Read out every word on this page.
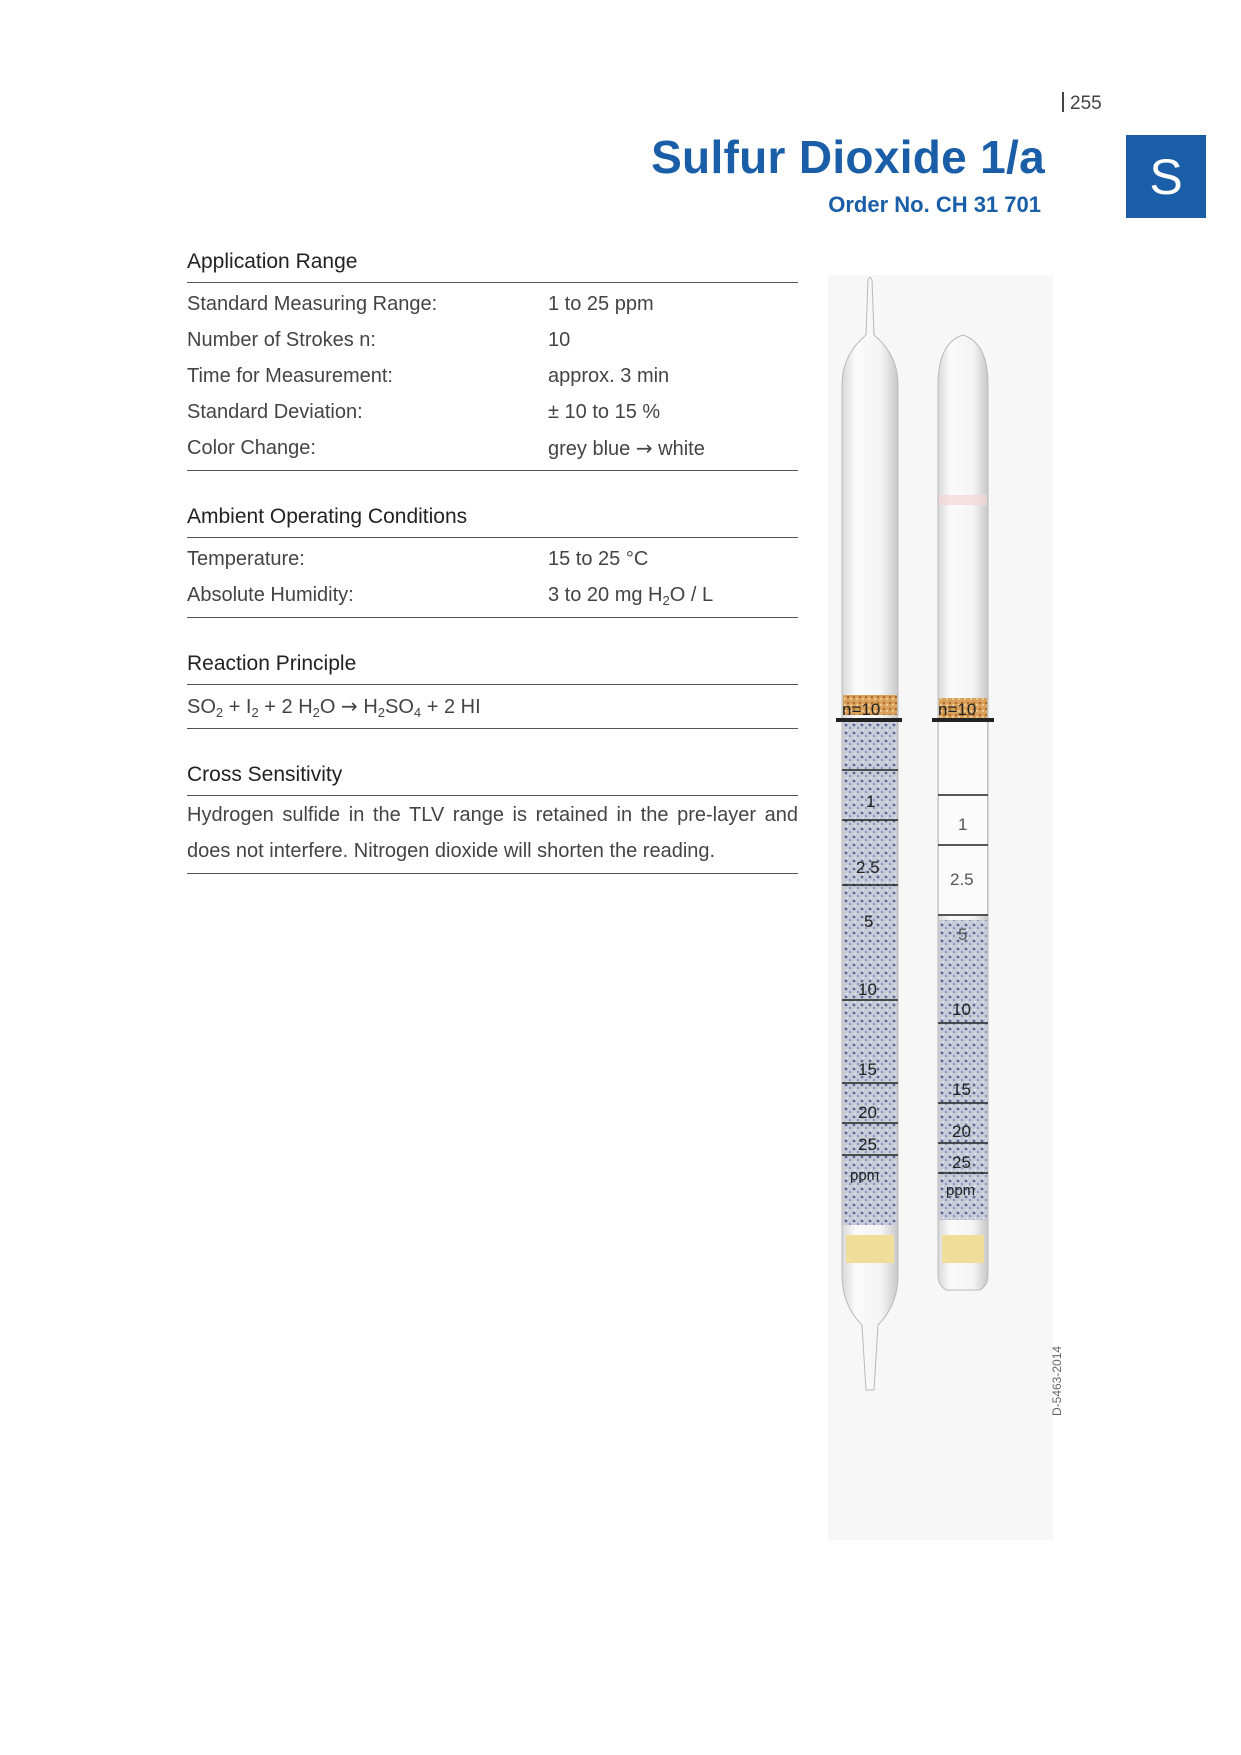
255
Sulfur Dioxide 1/a
Order No. CH 31 701	S
Application Range
Standard Measuring Range:	1 to 25 ppm
Number of Strokes n:	10
Time for Measurement:	approx. 3 min
Standard Deviation:	± 10 to 15 %
Color Change:	grey blue → white
Ambient Operating Conditions
Temperature:	15 to 25 °C
Absolute Humidity:	3 to 20 mg $H_2O$ / L
Reaction Principle
$SO_2 + I_2 + 2$ $H_2O \to H_2SO_4 + 2$ HI
Cross Sensitivity
Hydrogen sulfide in the TLV range is retained in the pre-layer and does not interfere. Nitrogen dioxide will shorten the reading.
n=10
1
2.5
5
10
15
20
25
ppm
n=10
1
2.5
5
10
15
20
25
ppm
D-5463-2014
